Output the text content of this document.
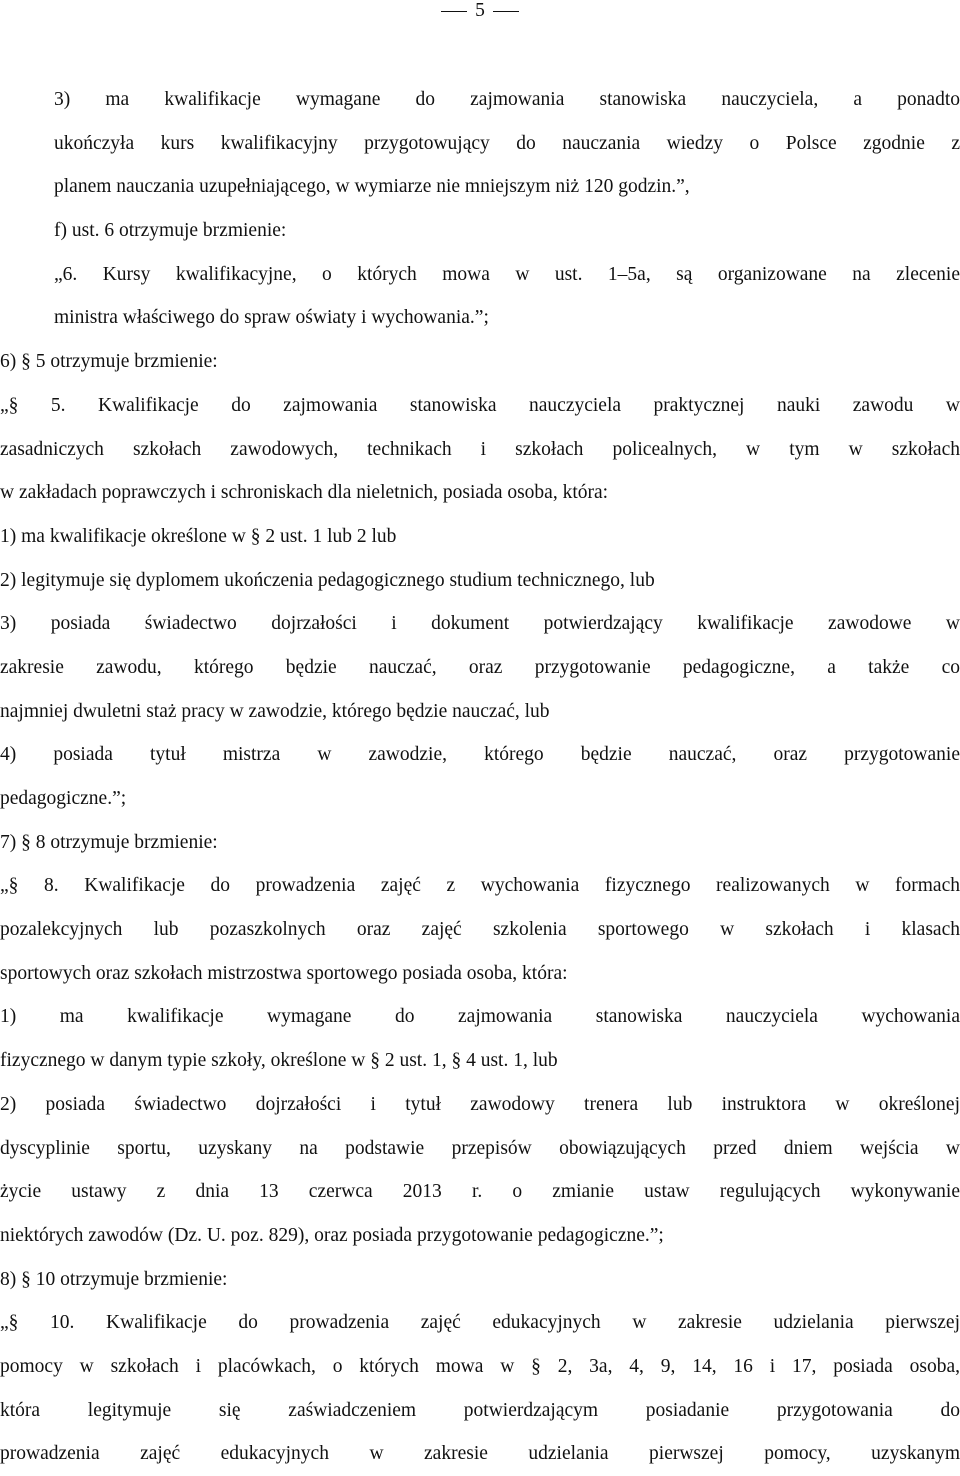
5
3) ma kwalifikacje wymagane do zajmowania stanowiska nauczyciela, a ponadto
ukończyła kurs kwalifikacyjny przygotowujący do nauczania wiedzy o Polsce zgodnie z
planem nauczania uzupełniającego, w wymiarze nie mniejszym niż 120 godzin.”,
f) ust. 6 otrzymuje brzmienie:
„6. Kursy kwalifikacyjne, o których mowa w ust. 1–5a, są organizowane na zlecenie
ministra właściwego do spraw oświaty i wychowania.”;
6) § 5 otrzymuje brzmienie:
„§ 5. Kwalifikacje do zajmowania stanowiska nauczyciela praktycznej nauki zawodu w
zasadniczych szkołach zawodowych, technikach i szkołach policealnych, w tym w szkołach
w zakładach poprawczych i schroniskach dla nieletnich, posiada osoba, która:
1) ma kwalifikacje określone w § 2 ust. 1 lub 2 lub
2) legitymuje się dyplomem ukończenia pedagogicznego studium technicznego, lub
3) posiada świadectwo dojrzałości i dokument potwierdzający kwalifikacje zawodowe w
zakresie zawodu, którego będzie nauczać, oraz przygotowanie pedagogiczne, a także co
najmniej dwuletni staż pracy w zawodzie, którego będzie nauczać, lub
4) posiada tytuł mistrza w zawodzie, którego będzie nauczać, oraz przygotowanie
pedagogiczne.”;
7) § 8 otrzymuje brzmienie:
„§ 8. Kwalifikacje do prowadzenia zajęć z wychowania fizycznego realizowanych w formach
pozalekcyjnych lub pozaszkolnych oraz zajęć szkolenia sportowego w szkołach i klasach
sportowych oraz szkołach mistrzostwa sportowego posiada osoba, która:
1) ma kwalifikacje wymagane do zajmowania stanowiska nauczyciela wychowania
fizycznego w danym typie szkoły, określone w § 2 ust. 1, § 4 ust. 1, lub
2) posiada świadectwo dojrzałości i tytuł zawodowy trenera lub instruktora w określonej
dyscyplinie sportu, uzyskany na podstawie przepisów obowiązujących przed dniem wejścia w
życie ustawy z dnia 13 czerwca 2013 r. o zmianie ustaw regulujących wykonywanie
niektórych zawodów (Dz. U. poz. 829), oraz posiada przygotowanie pedagogiczne.”;
8) § 10 otrzymuje brzmienie:
„§ 10. Kwalifikacje do prowadzenia zajęć edukacyjnych w zakresie udzielania pierwszej
pomocy w szkołach i placówkach, o których mowa w § 2, 3a, 4, 9, 14, 16 i 17, posiada osoba,
która legitymuje się zaświadczeniem potwierdzającym posiadanie przygotowania do
prowadzenia zajęć edukacyjnych w zakresie udzielania pierwszej pomocy, uzyskanym
